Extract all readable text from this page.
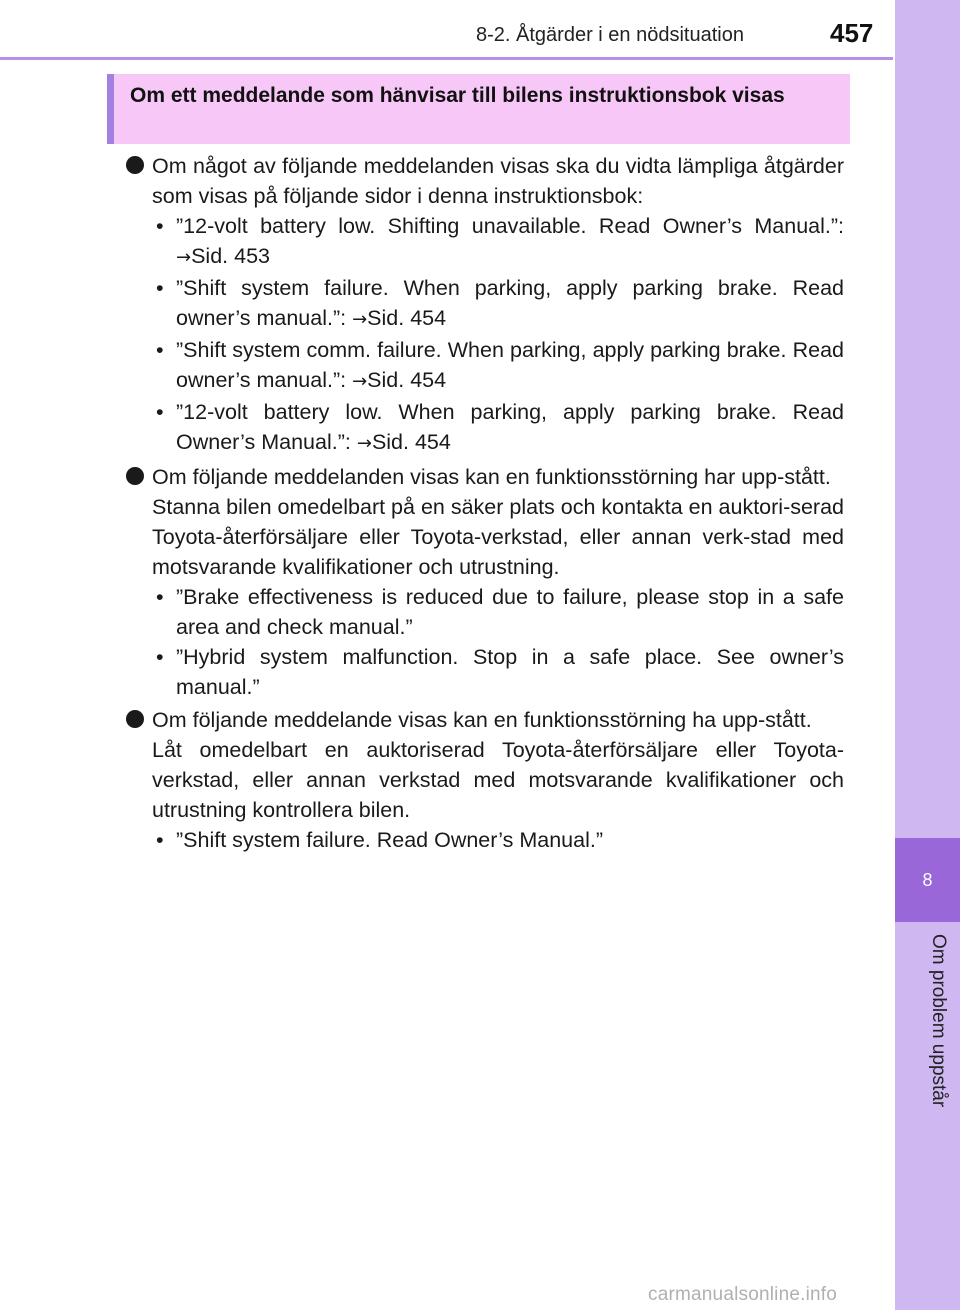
8-2. Åtgärder i en nödsituation	457
8
Om problem uppstår
Om ett meddelande som hänvisar till bilens instruktionsbok visas
Om något av följande meddelanden visas ska du vidta lämpliga åtgärder som visas på följande sidor i denna instruktionsbok:
• ”12-volt battery low. Shifting unavailable. Read Owner’s Manual.”: →Sid. 453
• ”Shift system failure. When parking, apply parking brake. Read owner’s manual.”: →Sid. 454
• ”Shift system comm. failure. When parking, apply parking brake. Read owner’s manual.”: →Sid. 454
• ”12-volt battery low. When parking, apply parking brake. Read Owner’s Manual.”: →Sid. 454
Om följande meddelanden visas kan en funktionsstörning har upp-stått.
Stanna bilen omedelbart på en säker plats och kontakta en auktori-serad Toyota-återförsäljare eller Toyota-verkstad, eller annan verk-stad med motsvarande kvalifikationer och utrustning.
• ”Brake effectiveness is reduced due to failure, please stop in a safe area and check manual.”
• ”Hybrid system malfunction. Stop in a safe place. See owner’s manual.”
Om följande meddelande visas kan en funktionsstörning ha upp-stått.
Låt omedelbart en auktoriserad Toyota-återförsäljare eller Toyota-verkstad, eller annan verkstad med motsvarande kvalifikationer och utrustning kontrollera bilen.
• ”Shift system failure. Read Owner’s Manual.”
carmanualsonline.info
